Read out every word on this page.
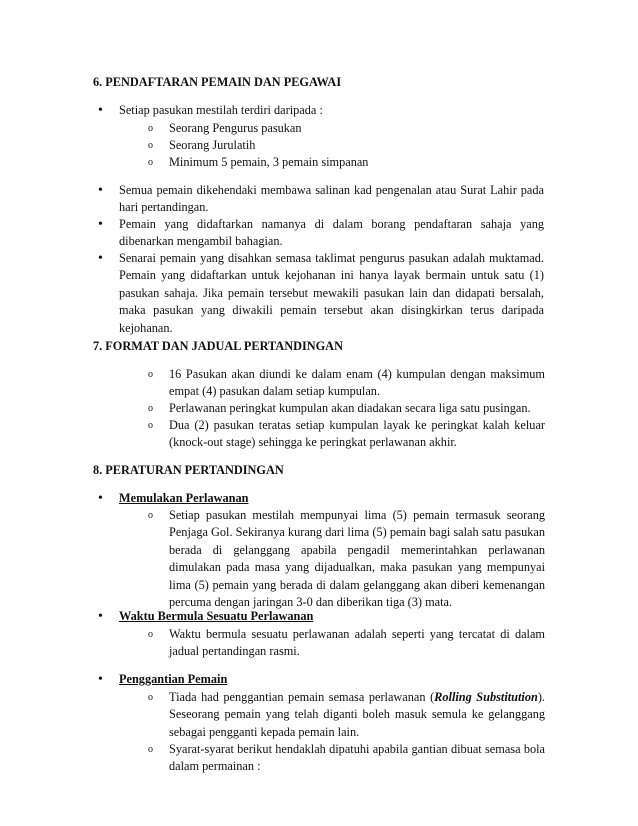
6. PENDAFTARAN PEMAIN DAN PEGAWAI
• Setiap pasukan mestilah terdiri daripada :
o Seorang Pengurus pasukan
o Seorang Jurulatih
o Minimum 5 pemain, 3 pemain simpanan
• Semua pemain dikehendaki membawa salinan kad pengenalan atau Surat Lahir pada hari pertandingan.
• Pemain yang didaftarkan namanya di dalam borang pendaftaran sahaja yang dibenarkan mengambil bahagian.
• Senarai pemain yang disahkan semasa taklimat pengurus pasukan adalah muktamad. Pemain yang didaftarkan untuk kejohanan ini hanya layak bermain untuk satu (1) pasukan sahaja. Jika pemain tersebut mewakili pasukan lain dan didapati bersalah, maka pasukan yang diwakili pemain tersebut akan disingkirkan terus daripada kejohanan.
7. FORMAT DAN JADUAL PERTANDINGAN
o 16 Pasukan akan diundi ke dalam enam (4) kumpulan dengan maksimum empat (4) pasukan dalam setiap kumpulan.
o Perlawanan peringkat kumpulan akan diadakan secara liga satu pusingan.
o Dua (2) pasukan teratas setiap kumpulan layak ke peringkat kalah keluar (knock-out stage) sehingga ke peringkat perlawanan akhir.
8. PERATURAN PERTANDINGAN
• Memulakan Perlawanan
o Setiap pasukan mestilah mempunyai lima (5) pemain termasuk seorang Penjaga Gol. Sekiranya kurang dari lima (5) pemain bagi salah satu pasukan berada di gelanggang apabila pengadil memerintahkan perlawanan dimulakan pada masa yang dijadualkan, maka pasukan yang mempunyai lima (5) pemain yang berada di dalam gelanggang akan diberi kemenangan percuma dengan jaringan 3-0 dan diberikan tiga (3) mata.
• Waktu Bermula Sesuatu Perlawanan
o Waktu bermula sesuatu perlawanan adalah seperti yang tercatat di dalam jadual pertandingan rasmi.
• Penggantian Pemain
o Tiada had penggantian pemain semasa perlawanan (Rolling Substitution). Seseorang pemain yang telah diganti boleh masuk semula ke gelanggang sebagai pengganti kepada pemain lain.
o Syarat-syarat berikut hendaklah dipatuhi apabila gantian dibuat semasa bola dalam permainan :
